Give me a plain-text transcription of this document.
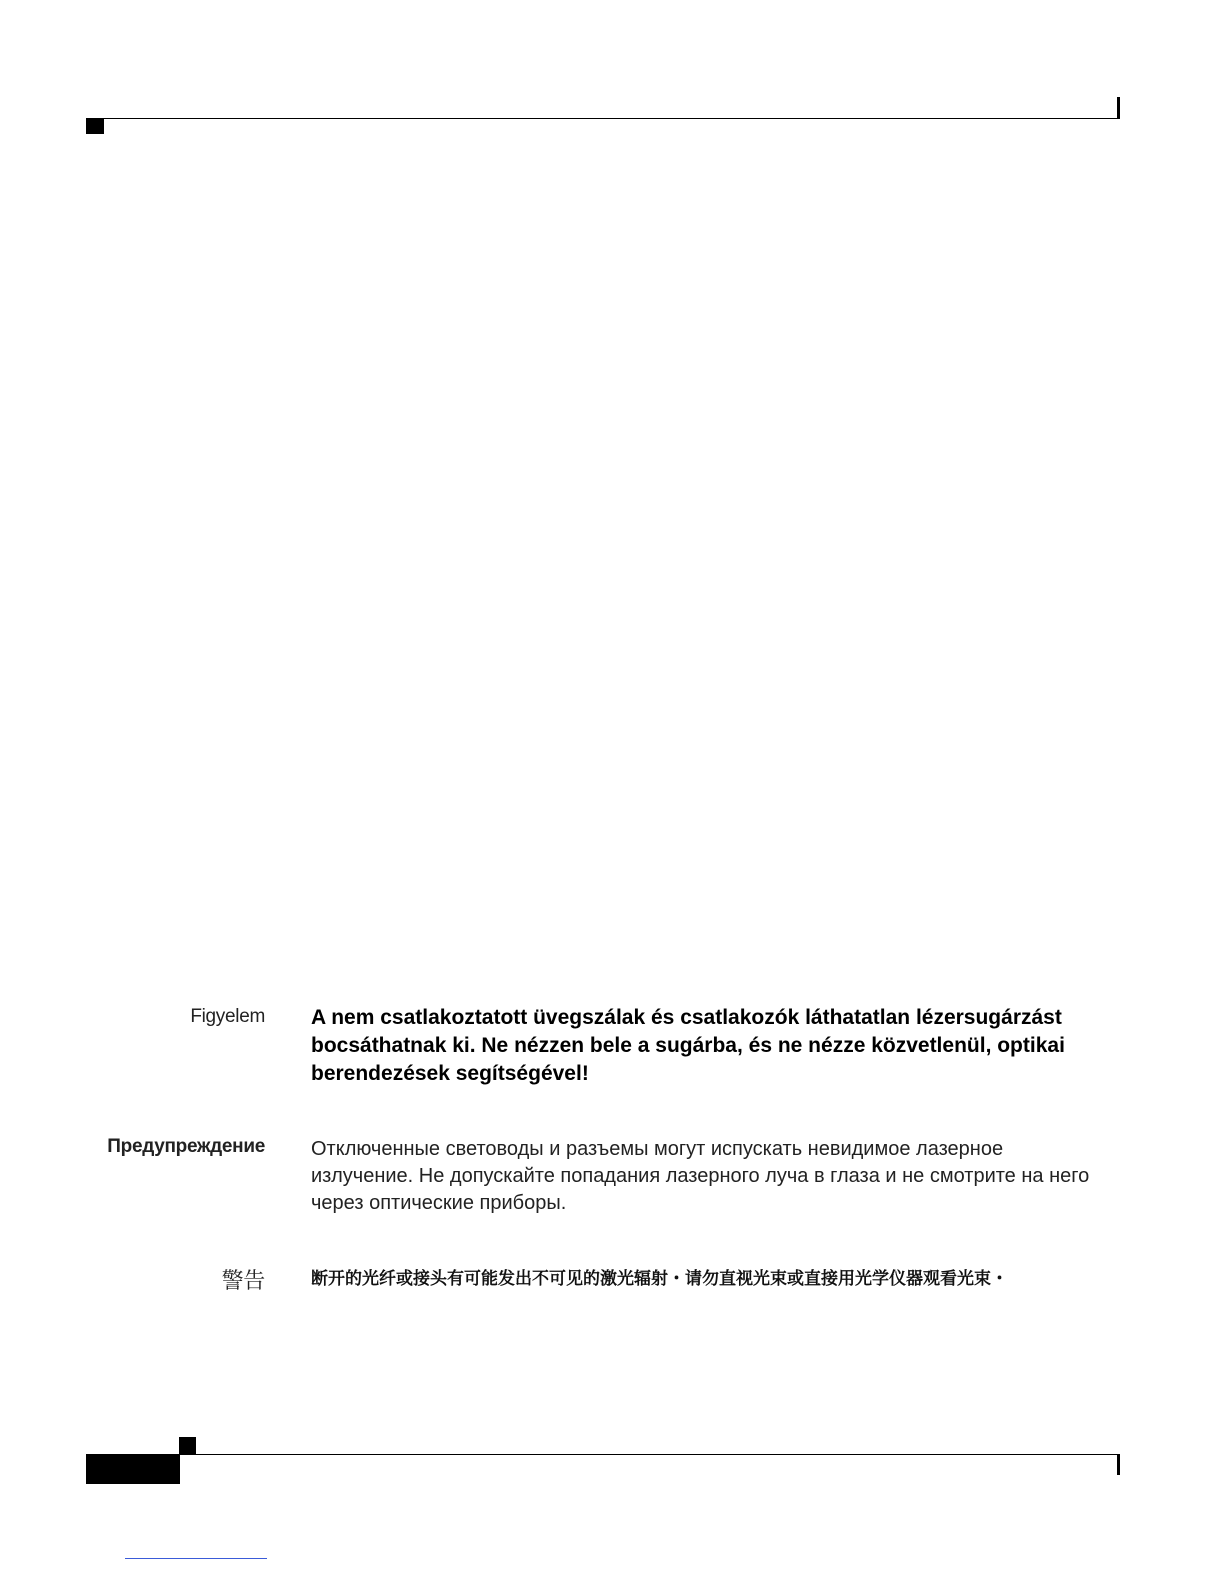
Figyelem A nem csatlakoztatott üvegszálak és csatlakozók láthatatlan lézersugárzást bocsáthatnak ki. Ne nézzen bele a sugárba, és ne nézze közvetlenül, optikai berendezések segítségével!
Предупреждение Отключенные световоды и разъемы могут испускать невидимое лазерное излучение. Не допускайте попадания лазерного луча в глаза и не смотрите на него через оптические приборы.
警告	断开的光纤或接头有可能发出不可见的激光辐射・请勿直视光束或直接用光学仪器观看光束・
